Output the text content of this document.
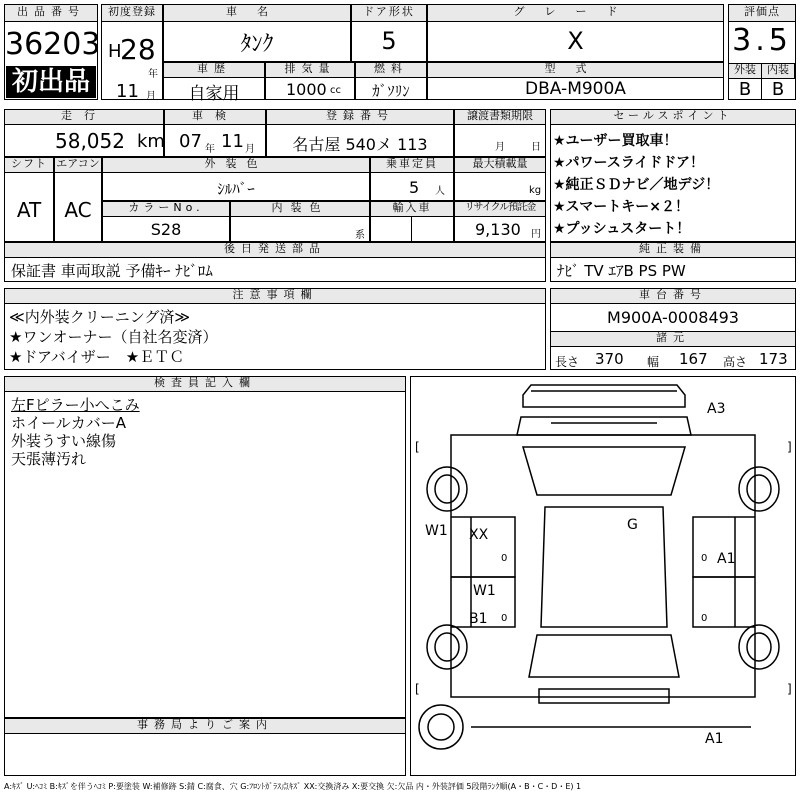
出品番号
36203
初出品
初度登録
H
28
年
11 月
車名
ﾀﾝｸ
ドア形状
5
グレード
X
評価点
3.5
外装	内装
B	B
車歴
自家用
排気量
1000 cc
燃料
ｶﾞｿﾘﾝ
型式
DBA-M900A
走行
58,052 km
車検
07 年 11 月
登録番号
名古屋 540メ 113
譲渡書類期限
月	日
シフト
AT
エアコン
AC
外装色
ｼﾙﾊﾞｰ
乗車定員
5 人
最大積載量
kg
カラーNo.
S28
内装色
系
輸入車	リサイクル預託金
9,130 円
後日発送部品
保証書 車両取説 予備ｷｰ ﾅﾋﾞﾛﾑ
セールスポイント
★ユーザー買取車！
★パワースライドドア！
★純正ＳＤナビ／地デジ！
★スマートキー×２！
★プッシュスタート！
純正装備
ﾅﾋﾞ TV ｴｱB PS PW
注意事項欄
≪内外装クリーニング済≫
★ワンオーナー（自社名変済）
★ドアバイザー　★ＥＴＣ
車台番号
M900A-0008493
諸元
長さ 370 幅 167 高さ 173
検査員記入欄
左Fピラー小へこみ
ホイールカバーA
外装うすい線傷
天張薄汚れ
事務局よりご案内
[	]
[	]
A3
W1 XX
G
A1
W1
B1
A1
0
0
0
0
A:ｷｽﾞ U:ﾍｺﾐ B:ｷｽﾞを伴うﾍｺﾐ P:要塗装 W:補修跡 S:錆 C:腐食、穴 G:ﾌﾛﾝﾄｶﾞﾗｽ点ｷｽﾞ XX:交換済み X:要交換 欠:欠品 内・外装評価 5段階ﾗﾝｸ順(A・B・C・D・E) 1
